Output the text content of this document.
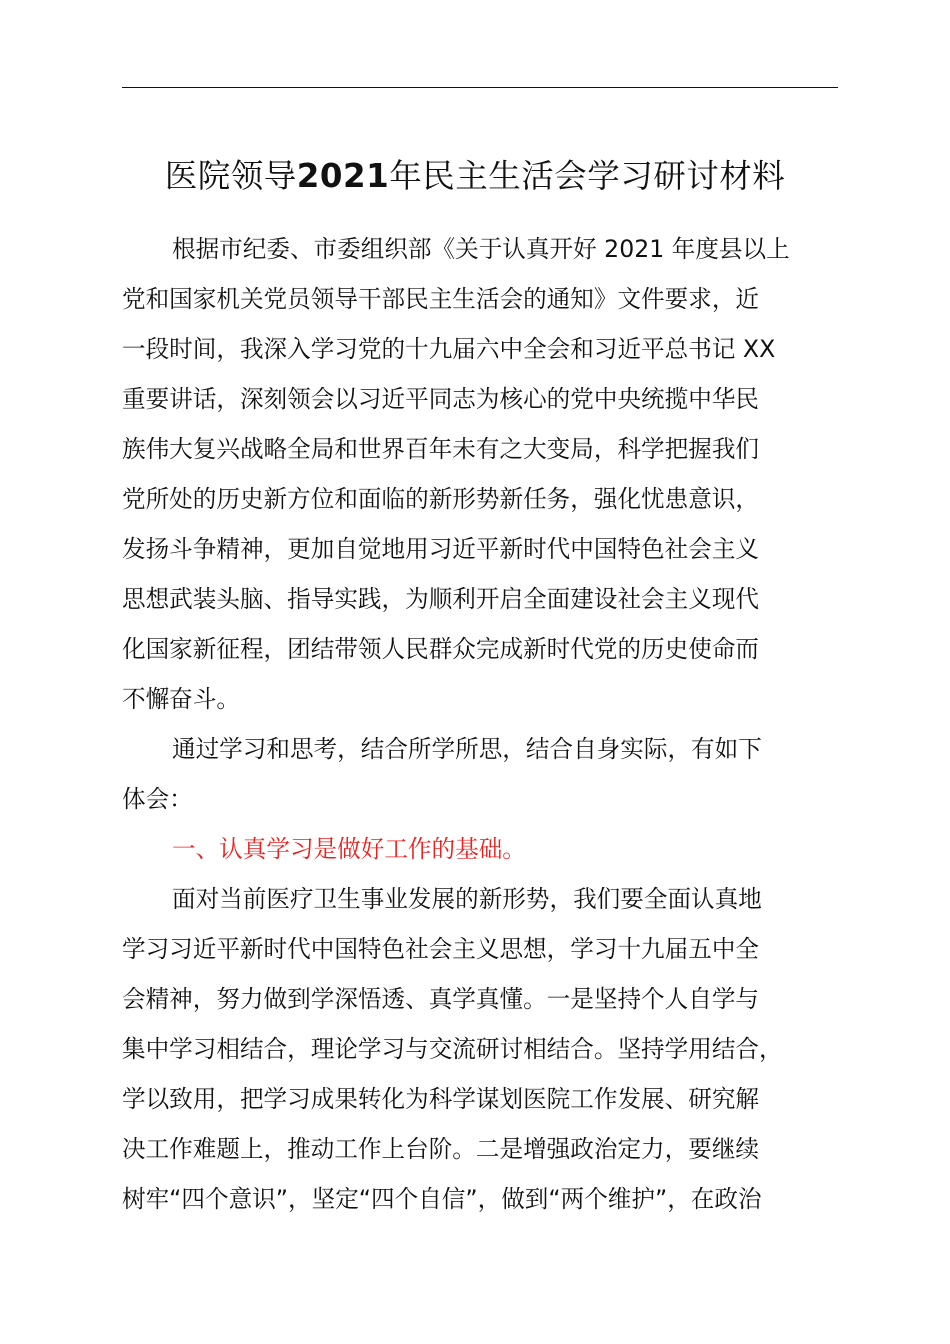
医院领导2021年民主生活会学习研讨材料
根据市纪委、市委组织部《关于认真开好 2021 年度县以上
党和国家机关党员领导干部民主生活会的通知》文件要求，近
一段时间，我深入学习党的十九届六中全会和习近平总书记 XX
重要讲话，深刻领会以习近平同志为核心的党中央统揽中华民
族伟大复兴战略全局和世界百年未有之大变局，科学把握我们
党所处的历史新方位和面临的新形势新任务，强化忧患意识，
发扬斗争精神，更加自觉地用习近平新时代中国特色社会主义
思想武装头脑、指导实践，为顺利开启全面建设社会主义现代
化国家新征程，团结带领人民群众完成新时代党的历史使命而
不懈奋斗。
通过学习和思考，结合所学所思，结合自身实际，有如下
体会：
一、认真学习是做好工作的基础。
面对当前医疗卫生事业发展的新形势，我们要全面认真地
学习习近平新时代中国特色社会主义思想，学习十九届五中全
会精神，努力做到学深悟透、真学真懂。一是坚持个人自学与
集中学习相结合，理论学习与交流研讨相结合。坚持学用结合，
学以致用，把学习成果转化为科学谋划医院工作发展、研究解
决工作难题上，推动工作上台阶。二是增强政治定力，要继续
树牢“四个意识”，坚定“四个自信”，做到“两个维护”，在政治
